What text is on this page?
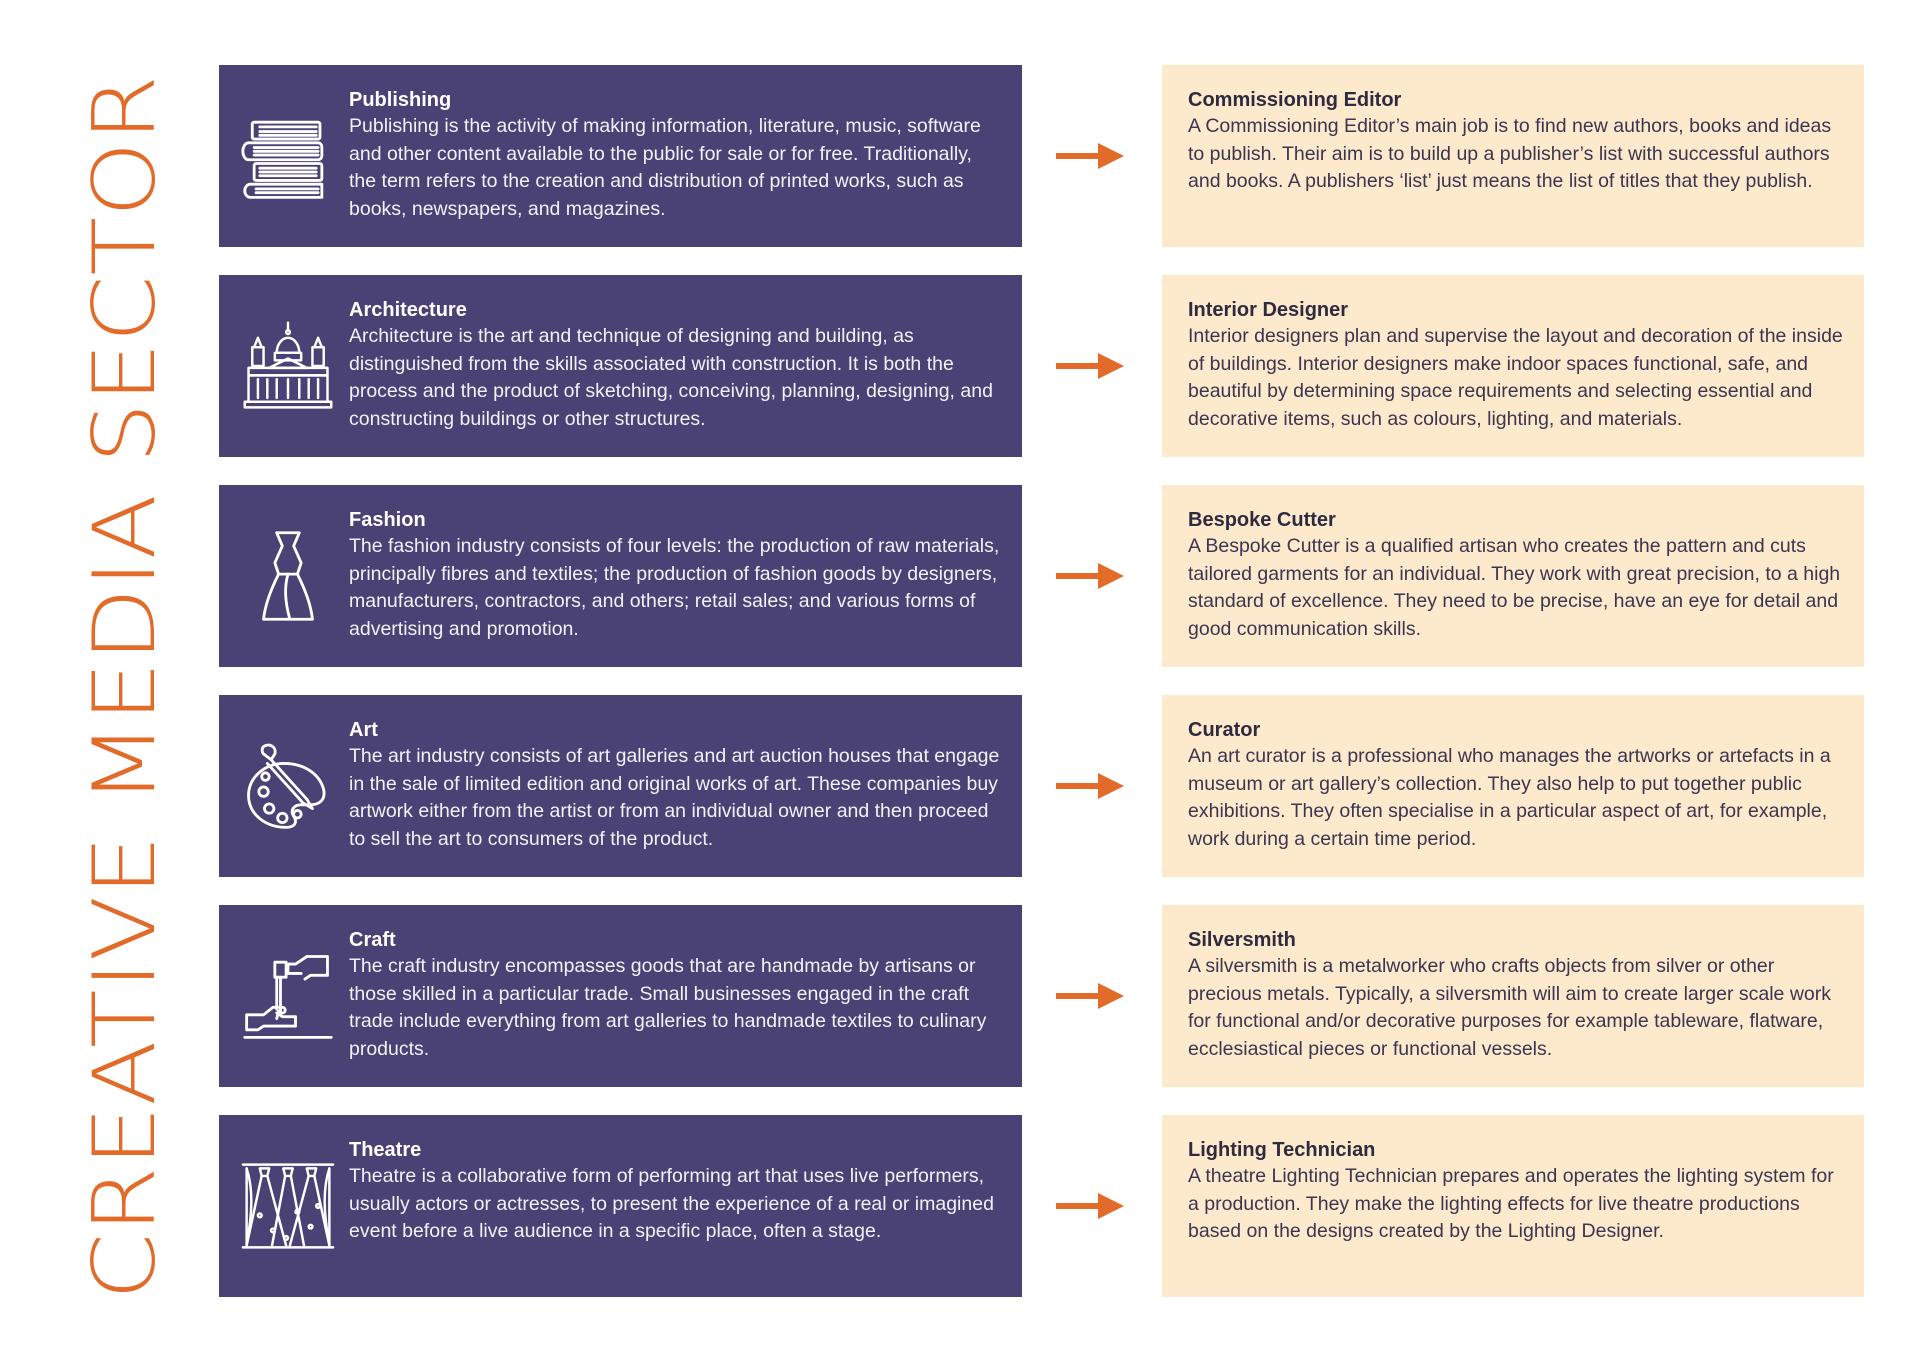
CREATIVE MEDIA SECTOR
Publishing

Publishing is the activity of making information, literature, music, software and other content available to the public for sale or for free. Traditionally, the term refers to the creation and distribution of printed works, such as books, newspapers, and magazines.

Commissioning Editor

A Commissioning Editor’s main job is to find new authors, books and ideas to publish. Their aim is to build up a publisher’s list with successful authors and books. A publishers ‘list’ just means the list of titles that they publish.

Architecture

Architecture is the art and technique of designing and building, as distinguished from the skills associated with construction. It is both the process and the product of sketching, conceiving, planning, designing, and constructing buildings or other structures.

Interior Designer

Interior designers plan and supervise the layout and decoration of the inside of buildings. Interior designers make indoor spaces functional, safe, and beautiful by determining space requirements and selecting essential and decorative items, such as colours, lighting, and materials.

Fashion

The fashion industry consists of four levels: the production of raw materials, principally fibres and textiles; the production of fashion goods by designers, manufacturers, contractors, and others; retail sales; and various forms of advertising and promotion.

Bespoke Cutter

A Bespoke Cutter is a qualified artisan who creates the pattern and cuts tailored garments for an individual. They work with great precision, to a high standard of excellence. They need to be precise, have an eye for detail and good communication skills.

Art

The art industry consists of art galleries and art auction houses that engage in the sale of limited edition and original works of art. These companies buy artwork either from the artist or from an individual owner and then proceed to sell the art to consumers of the product.

Curator

An art curator is a professional who manages the artworks or artefacts in a museum or art gallery’s collection. They also help to put together public exhibitions. They often specialise in a particular aspect of art, for example, work during a certain time period.

Craft

The craft industry encompasses goods that are handmade by artisans or those skilled in a particular trade. Small businesses engaged in the craft trade include everything from art galleries to handmade textiles to culinary products.

Silversmith

A silversmith is a metalworker who crafts objects from silver or other precious metals. Typically, a silversmith will aim to create larger scale work for functional and/or decorative purposes for example tableware, flatware, ecclesiastical pieces or functional vessels.

Theatre

Theatre is a collaborative form of performing art that uses live performers, usually actors or actresses, to present the experience of a real or imagined event before a live audience in a specific place, often a stage.

Lighting Technician

A theatre Lighting Technician prepares and operates the lighting system for a production. They make the lighting effects for live theatre productions based on the designs created by the Lighting Designer.
